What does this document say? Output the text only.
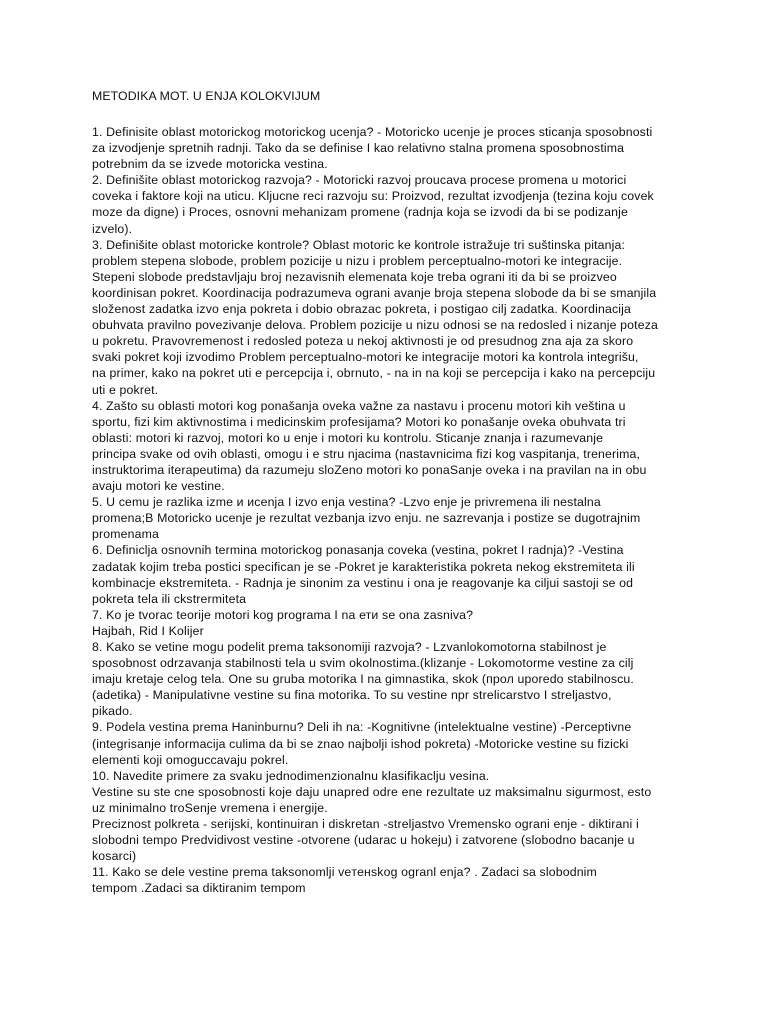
METODIKA MOT. U ENJA KOLOKVIJUM
1. Definisite oblast motorickog motorickog ucenja? - Motoricko ucenje je proces sticanja sposobnosti
za izvodjenje spretnih radnji. Tako da se definise I kao relativno stalna promena sposobnostima
potrebnim da se izvede motoricka vestina.
2. Definišite oblast motorickog razvoja? - Motoricki razvoj proucava procese promena u motorici
coveka i faktore koji na uticu. Kljucne reci razvoju su: Proizvod, rezultat izvodjenja (tezina koju covek
moze da digne) i Proces, osnovni mehanizam promene (radnja koja se izvodi da bi se podizanje
izvelo).
3. Definišite oblast motoricke kontrole? Oblast motoric ke kontrole istražuje tri suštinska pitanja:
problem stepena slobode, problem pozicije u nizu i problem perceptualno-motori ke integracije.
Stepeni slobode predstavljaju broj nezavisnih elemenata koje treba ograni iti da bi se proizveo
koordinisan pokret. Koordinacija podrazumeva ograni avanje broja stepena slobode da bi se smanjila
složenost zadatka izvo enja pokreta i dobio obrazac pokreta, i postigao cilj zadatka. Koordinacija
obuhvata pravilno povezivanje delova. Problem pozicije u nizu odnosi se na redosled i nizanje poteza
u pokretu. Pravovremenost i redosled poteza u nekoj aktivnosti je od presudnog zna aja za skoro
svaki pokret koji izvodimo Problem perceptualno-motori ke integracije motori ka kontrola integrišu,
na primer, kako na pokret uti e percepcija i, obrnuto, - na in na koji se percepcija i kako na percepciju
uti e pokret.
4. Zašto su oblasti motori kog ponašanja oveka važne za nastavu i procenu motori kih veština u
sportu, fizi kim aktivnostima i medicinskim profesijama? Motori ko ponašanje oveka obuhvata tri
oblasti: motori ki razvoj, motori ko u enje i motori ku kontrolu. Sticanje znanja i razumevanje
principa svake od ovih oblasti, omogu i e stru njacima (nastavnicima fizi kog vaspitanja, trenerima,
instruktorima iterapeutima) da razumeju sloZeno motori ko ponaSanje oveka i na pravilan na in obu
avaju motori ke vestine.
5. U cemu je razlika izme и исеnja I izvo enja vestina? -Lzvo enje je privremena ili nestalna
promena;B Motoricko ucenje je rezultat vezbanja izvo enju. ne sazrevanja i postize se dugotrajnim
promenama
6. Definiclja osnovnih termina motorickog ponasanja coveka (vestina, pokret I radnja)? -Vestina
zadatak kojim treba postici specifican je se -Pokret je karakteristika pokreta nekog ekstremiteta ili
kombinacje ekstremiteta. - Radnja je sinonim za vestinu i ona je reagovanje ka ciljui sastoji se od
pokreta tela ili ckstrermiteta
7. Ko je tvorac teorije motori kog programa I na ети se ona zasniva?
Hajbah, Rid I Kolijer
8. Kako se vetine mogu podelit prema taksonomiji razvoja? - Lzvanlokomotorna stabilnost je
sposobnost odrzavanja stabilnosti tela u svim okolnostima.(klizanje - Lokomotorme vestine za cilj
imaju kretaje celog tela. One su gruba motorika I na gimnastika, skok (прол uporedo stabilnoscu.
(adetika) - Manipulativne vestine su fina motorika. To su vestine npr strelicarstvo I streljastvo,
pikado.
9. Podela vestina prema Haninburnu? Deli ih na: -Kognitivne (intelektualne vestine) -Perceptivne
(integrisanje informacija culima da bi se znao najbolji ishod pokreta) -Motoricke vestine su fizicki
elementi koji omoguccavaju pokrel.
10. Navedite primere za svaku jednodimenzionalnu klasifikaclju vesina.
Vestine su ste cne sposobnosti koje daju unapred odre ene rezultate uz maksimalnu sigurmost, esto
uz minimalno troSenje vremena i energije.
Preciznost polkreta - serijski, kontinuiran i diskretan -streljastvo Vremensko ograni enje - diktirani i
slobodni tempo Predvidivost vestine -otvorene (udarac u hokeju) i zatvorene (slobodno bacanje u
kosarci)
11. Kako se dele vestine prema taksonomlji veтенskog ogranl enja? . Zadaci sa slobodnim
tempom .Zadaci sa diktiranim tempom
